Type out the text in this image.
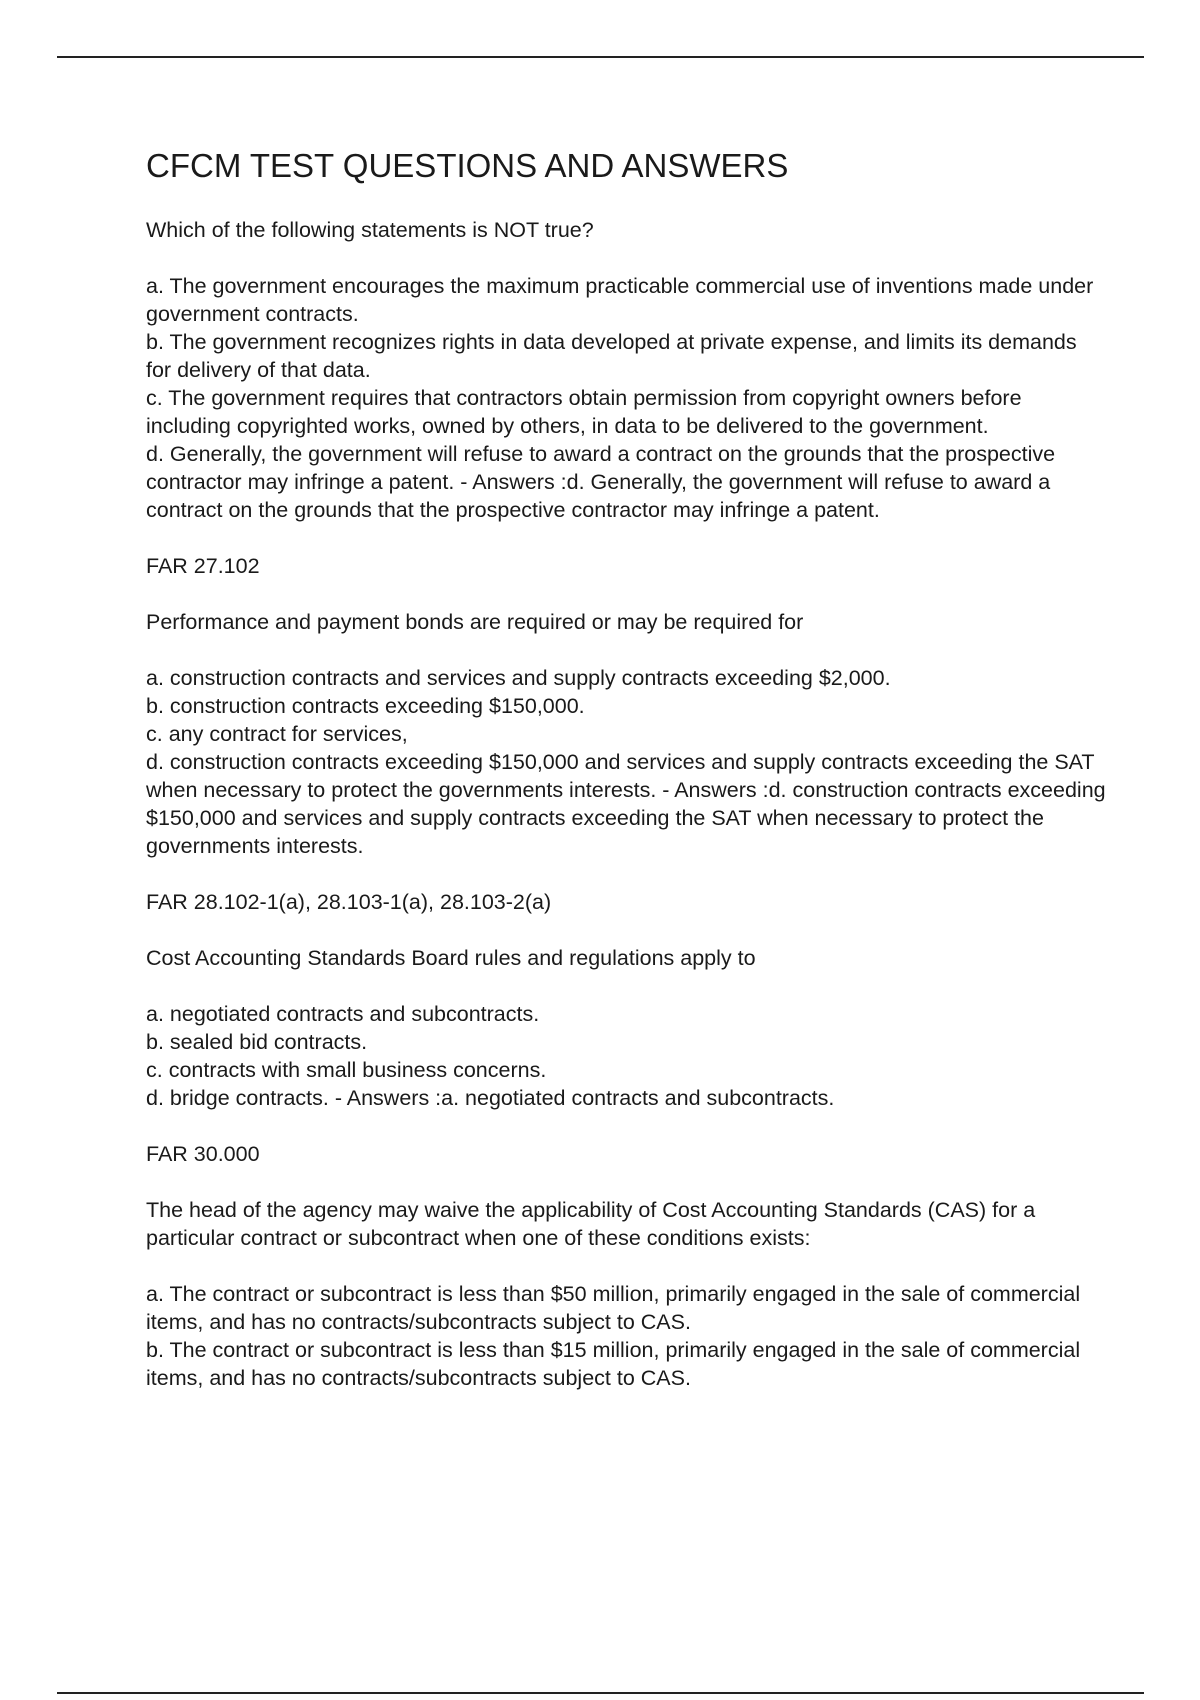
CFCM TEST QUESTIONS AND ANSWERS

Which of the following statements is NOT true?

a. The government encourages the maximum practicable commercial use of inventions made under government contracts.

b. The government recognizes rights in data developed at private expense, and limits its demands for delivery of that data.

c. The government requires that contractors obtain permission from copyright owners before including copyrighted works, owned by others, in data to be delivered to the government.

d. Generally, the government will refuse to award a contract on the grounds that the prospective contractor may infringe a patent. - Answers :d. Generally, the government will refuse to award a contract on the grounds that the prospective contractor may infringe a patent.

FAR 27.102

Performance and payment bonds are required or may be required for

a. construction contracts and services and supply contracts exceeding $2,000.

b. construction contracts exceeding $150,000.

c. any contract for services,

d. construction contracts exceeding $150,000 and services and supply contracts exceeding the SAT when necessary to protect the governments interests. - Answers :d. construction contracts exceeding $150,000 and services and supply contracts exceeding the SAT when necessary to protect the governments interests.

FAR 28.102-1(a), 28.103-1(a), 28.103-2(a)

Cost Accounting Standards Board rules and regulations apply to

a. negotiated contracts and subcontracts.

b. sealed bid contracts.

c. contracts with small business concerns.

d. bridge contracts. - Answers :a. negotiated contracts and subcontracts.

FAR 30.000

The head of the agency may waive the applicability of Cost Accounting Standards (CAS) for a particular contract or subcontract when one of these conditions exists:

a. The contract or subcontract is less than $50 million, primarily engaged in the sale of commercial items, and has no contracts/subcontracts subject to CAS.

b. The contract or subcontract is less than $15 million, primarily engaged in the sale of commercial items, and has no contracts/subcontracts subject to CAS.
